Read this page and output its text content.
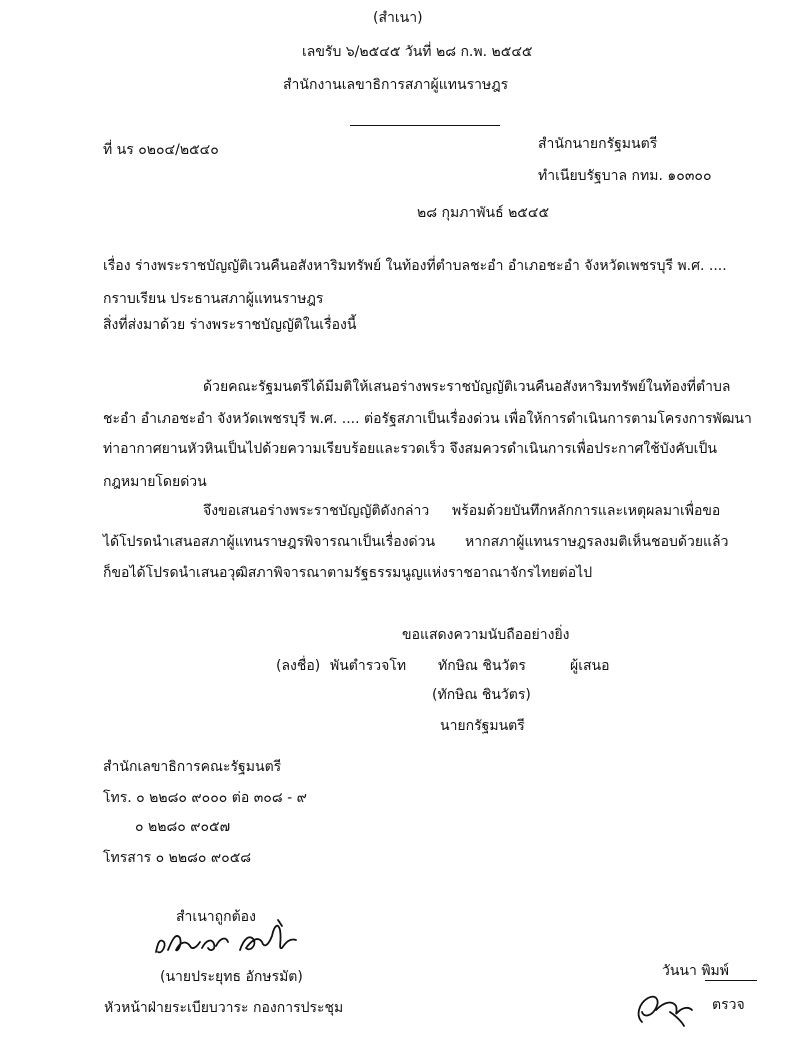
(สำเนา)
เลขรับ ๖/๒๕๔๕ วันที่ ๒๘ ก.พ. ๒๕๔๕
สำนักงานเลขาธิการสภาผู้แทนราษฎร
ที่ นร ๐๒๐๔/๒๕๔๐	สำนักนายกรัฐมนตรี
ทำเนียบรัฐบาล กทม. ๑๐๓๐๐
๒๘ กุมภาพันธ์ ๒๕๔๕
เรื่อง ร่างพระราชบัญญัติเวนคืนอสังหาริมทรัพย์ ในท้องที่ตำบลชะอำ อำเภอชะอำ จังหวัดเพชรบุรี พ.ศ. ....
กราบเรียน ประธานสภาผู้แทนราษฎร
สิ่งที่ส่งมาด้วย ร่างพระราชบัญญัติในเรื่องนี้
ด้วยคณะรัฐมนตรีได้มีมติให้เสนอร่างพระราชบัญญัติเวนคืนอสังหาริมทรัพย์ในท้องที่ตำบล
ชะอำ อำเภอชะอำ จังหวัดเพชรบุรี พ.ศ. .... ต่อรัฐสภาเป็นเรื่องด่วน เพื่อให้การดำเนินการตามโครงการพัฒนา
ท่าอากาศยานหัวหินเป็นไปด้วยความเรียบร้อยและรวดเร็ว จึงสมควรดำเนินการเพื่อประกาศใช้บังคับเป็น
กฎหมายโดยด่วน
จึงขอเสนอร่างพระราชบัญญัติดังกล่าว พร้อมด้วยบันทึกหลักการและเหตุผลมาเพื่อขอ
ได้โปรดนำเสนอสภาผู้แทนราษฎรพิจารณาเป็นเรื่องด่วน หากสภาผู้แทนราษฎรลงมติเห็นชอบด้วยแล้ว
ก็ขอได้โปรดนำเสนอวุฒิสภาพิจารณาตามรัฐธรรมนูญแห่งราชอาณาจักรไทยต่อไป
ขอแสดงความนับถืออย่างยิ่ง
(ลงชื่อ) พันตำรวจโท ทักษิณ ชินวัตร	ผู้เสนอ
(ทักษิณ ชินวัตร)
นายกรัฐมนตรี
สำนักเลขาธิการคณะรัฐมนตรี
โทร. ๐ ๒๒๘๐ ๙๐๐๐ ต่อ ๓๐๘ - ๙
๐ ๒๒๘๐ ๙๐๕๗
โทรสาร ๐ ๒๒๘๐ ๙๐๕๘
สำเนาถูกต้อง
(นายประยุทธ อักษรมัต)
หัวหน้าฝ่ายระเบียบวาระ กองการประชุม
วันนา พิมพ์
ตรวจ
